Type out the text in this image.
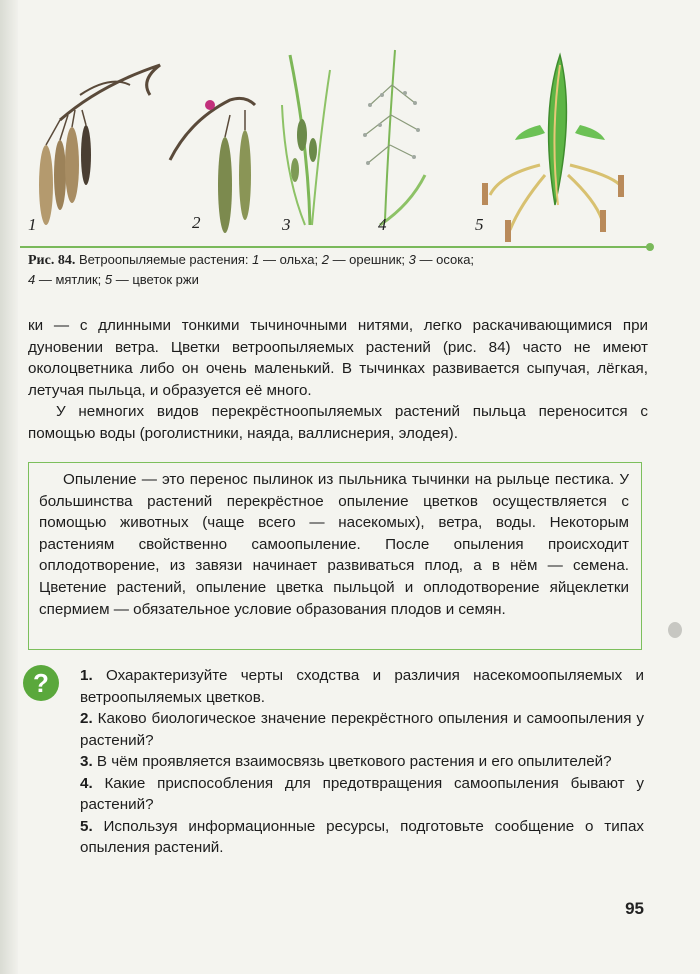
1	2	3	4	5
Рис. 84. Ветроопыляемые растения: 1 — ольха; 2 — орешник; 3 — осока;
4 — мятлик; 5 — цветок ржи

ки — с длинными тонкими тычиночными нитями, легко раскачивающимися при дуновении ветра. Цветки ветроопыляемых растений (рис. 84) часто не имеют околоцветника либо он очень маленький. В тычинках развивается сыпучая, лёгкая, летучая пыльца, и образуется её много.

У немногих видов перекрёстноопыляемых растений пыльца переносится с помощью воды (роголистники, наяда, валлиснерия, элодея).

Опыление — это перенос пылинок из пыльника тычинки на рыльце пестика. У большинства растений перекрёстное опыление цветков осуществляется с помощью животных (чаще всего — насекомых), ветра, воды. Некоторым растениям свойственно самоопыление. После опыления происходит оплодотворение, из завязи начинает развиваться плод, а в нём — семена. Цветение растений, опыление цветка пыльцой и оплодотворение яйцеклетки спермием — обязательное условие образования плодов и семян.

? 1. Охарактеризуйте черты сходства и различия насекомоопыляемых и ветроопыляемых цветков.

2. Каково биологическое значение перекрёстного опыления и самоопыления у растений?

3. В чём проявляется взаимосвязь цветкового растения и его опылителей?

4. Какие приспособления для предотвращения самоопыления бывают у растений?

5. Используя информационные ресурсы, подготовьте сообщение о типах опыления растений.

95
